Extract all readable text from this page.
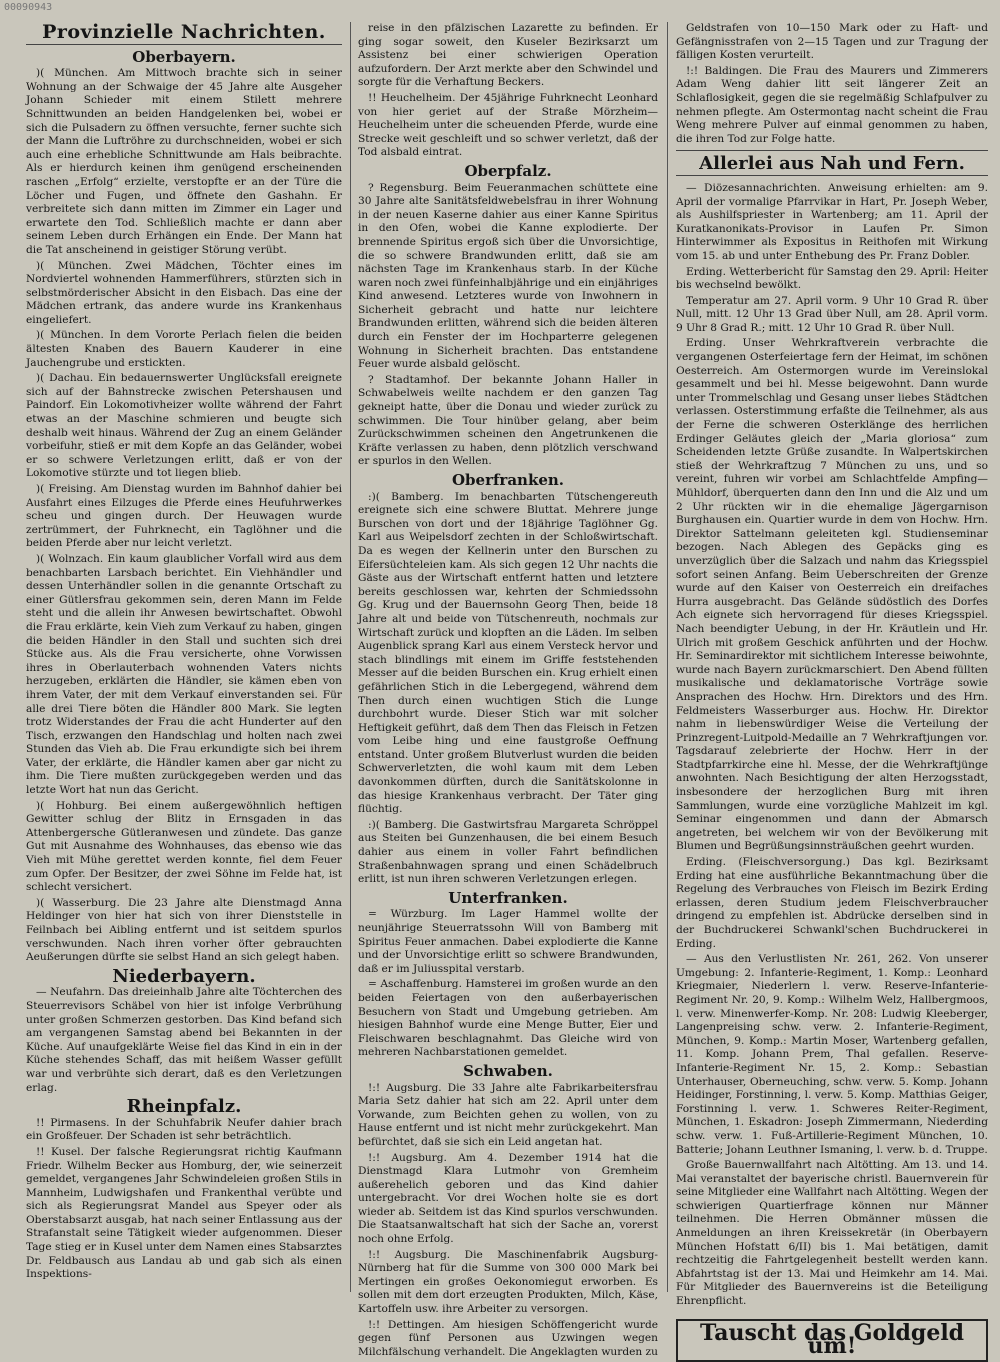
00090943
Provinzielle Nachrichten.
Oberbayern.

)( München. Am Mittwoch brachte sich in seiner Wohnung an der Schwaige der 45 Jahre alte Ausgeher Johann Schieder mit einem Stilett mehrere Schnittwunden an beiden Handgelenken bei, wobei er sich die Pulsadern zu öffnen versuchte, ferner suchte sich der Mann die Luftröhre zu durchschneiden, wobei er sich auch eine erhebliche Schnittwunde am Hals beibrachte. Als er hierdurch keinen ihm genügend erscheinenden raschen „Erfolg“ erzielte, verstopfte er an der Türe die Löcher und Fugen, und öffnete den Gashahn. Er verbreitete sich dann mitten im Zimmer ein Lager und erwartete den Tod. Schließlich machte er dann aber seinem Leben durch Erhängen ein Ende. Der Mann hat die Tat anscheinend in geistiger Störung verübt.

)( München. Zwei Mädchen, Töchter eines im Nordviertel wohnenden Hammerführers, stürzten sich in selbstmörderischer Absicht in den Eisbach. Das eine der Mädchen ertrank, das andere wurde ins Krankenhaus eingeliefert.

)( München. In dem Vororte Perlach fielen die beiden ältesten Knaben des Bauern Kauderer in eine Jauchengrube und erstickten.

)( Dachau. Ein bedauernswerter Unglücksfall ereignete sich auf der Bahnstrecke zwischen Petershausen und Paindorf. Ein Lokomotivheizer wollte während der Fahrt etwas an der Maschine schmieren und beugte sich deshalb weit hinaus. Während der Zug an einem Geländer vorbeifuhr, stieß er mit dem Kopfe an das Geländer, wobei er so schwere Verletzungen erlitt, daß er von der Lokomotive stürzte und tot liegen blieb.

)( Freising. Am Dienstag wurden im Bahnhof dahier bei Ausfahrt eines Eilzuges die Pferde eines Heufuhrwerkes scheu und gingen durch. Der Heuwagen wurde zertrümmert, der Fuhrknecht, ein Taglöhner und die beiden Pferde aber nur leicht verletzt.

)( Wolnzach. Ein kaum glaublicher Vorfall wird aus dem benachbarten Larsbach berichtet. Ein Viehhändler und dessen Unterhändler sollen in die genannte Ortschaft zu einer Gütlersfrau gekommen sein, deren Mann im Felde steht und die allein ihr Anwesen bewirtschaftet. Obwohl die Frau erklärte, kein Vieh zum Verkauf zu haben, gingen die beiden Händler in den Stall und suchten sich drei Stücke aus. Als die Frau versicherte, ohne Vorwissen ihres in Oberlauterbach wohnenden Vaters nichts herzugeben, erklärten die Händler, sie kämen eben von ihrem Vater, der mit dem Verkauf einverstanden sei. Für alle drei Tiere böten die Händler 800 Mark. Sie legten trotz Widerstandes der Frau die acht Hunderter auf den Tisch, erzwangen den Handschlag und holten nach zwei Stunden das Vieh ab. Die Frau erkundigte sich bei ihrem Vater, der erklärte, die Händler kamen aber gar nicht zu ihm. Die Tiere mußten zurückgegeben werden und das letzte Wort hat nun das Gericht.

)( Hohburg. Bei einem außergewöhnlich heftigen Gewitter schlug der Blitz in Ernsgaden in das Attenbergersche Gütleranwesen und zündete. Das ganze Gut mit Ausnahme des Wohnhauses, das ebenso wie das Vieh mit Mühe gerettet werden konnte, fiel dem Feuer zum Opfer. Der Besitzer, der zwei Söhne im Felde hat, ist schlecht versichert.

)( Wasserburg. Die 23 Jahre alte Dienstmagd Anna Heldinger von hier hat sich von ihrer Dienststelle in Feilnbach bei Aibling entfernt und ist seitdem spurlos verschwunden. Nach ihren vorher öfter gebrauchten Aeußerungen dürfte sie selbst Hand an sich gelegt haben.

Niederbayern.

— Neufahrn. Das dreieinhalb Jahre alte Töchterchen des Steuerrevisors Schäbel von hier ist infolge Verbrühung unter großen Schmerzen gestorben. Das Kind befand sich am vergangenen Samstag abend bei Bekannten in der Küche. Auf unaufgeklärte Weise fiel das Kind in ein in der Küche stehendes Schaff, das mit heißem Wasser gefüllt war und verbrühte sich derart, daß es den Verletzungen erlag.

Rheinpfalz.

!! Pirmasens. In der Schuhfabrik Neufer dahier brach ein Großfeuer. Der Schaden ist sehr beträchtlich.

!! Kusel. Der falsche Regierungsrat richtig Kaufmann Friedr. Wilhelm Becker aus Homburg, der, wie seinerzeit gemeldet, vergangenes Jahr Schwindeleien großen Stils in Mannheim, Ludwigshafen und Frankenthal verübte und sich als Regierungsrat Mandel aus Speyer oder als Oberstabsarzt ausgab, hat nach seiner Entlassung aus der Strafanstalt seine Tätigkeit wieder aufgenommen. Dieser Tage stieg er in Kusel unter dem Namen eines Stabsarztes Dr. Feldbausch aus Landau ab und gab sich als einen Inspektions-

reise in den pfälzischen Lazarette zu befinden. Er ging sogar soweit, den Kuseler Bezirksarzt um Assistenz bei einer schwierigen Operation aufzufordern. Der Arzt merkte aber den Schwindel und sorgte für die Verhaftung Beckers.

!! Heuchelheim. Der 45jährige Fuhrknecht Leonhard von hier geriet auf der Straße Mörzheim—Heuchelheim unter die scheuenden Pferde, wurde eine Strecke weit geschleift und so schwer verletzt, daß der Tod alsbald eintrat.

Oberpfalz.

? Regensburg. Beim Feueranmachen schüttete eine 30 Jahre alte Sanitätsfeldwebelsfrau in ihrer Wohnung in der neuen Kaserne dahier aus einer Kanne Spiritus in den Ofen, wobei die Kanne explodierte. Der brennende Spiritus ergoß sich über die Unvorsichtige, die so schwere Brandwunden erlitt, daß sie am nächsten Tage im Krankenhaus starb. In der Küche waren noch zwei fünfeinhalbjährige und ein einjähriges Kind anwesend. Letzteres wurde von Inwohnern in Sicherheit gebracht und hatte nur leichtere Brandwunden erlitten, während sich die beiden älteren durch ein Fenster der im Hochparterre gelegenen Wohnung in Sicherheit brachten. Das entstandene Feuer wurde alsbald gelöscht.

? Stadtamhof. Der bekannte Johann Haller in Schwabelweis weilte nachdem er den ganzen Tag gekneipt hatte, über die Donau und wieder zurück zu schwimmen. Die Tour hinüber gelang, aber beim Zurückschwimmen scheinen den Angetrunkenen die Kräfte verlassen zu haben, denn plötzlich verschwand er spurlos in den Wellen.

Oberfranken.

:)( Bamberg. Im benachbarten Tütschengereuth ereignete sich eine schwere Bluttat. Mehrere junge Burschen von dort und der 18jährige Taglöhner Gg. Karl aus Weipelsdorf zechten in der Schloßwirtschaft. Da es wegen der Kellnerin unter den Burschen zu Eifersüchteleien kam. Als sich gegen 12 Uhr nachts die Gäste aus der Wirtschaft entfernt hatten und letztere bereits geschlossen war, kehrten der Schmiedssohn Gg. Krug und der Bauernsohn Georg Then, beide 18 Jahre alt und beide von Tütschenreuth, nochmals zur Wirtschaft zurück und klopften an die Läden. Im selben Augenblick sprang Karl aus einem Versteck hervor und stach blindlings mit einem im Griffe feststehenden Messer auf die beiden Burschen ein. Krug erhielt einen gefährlichen Stich in die Lebergegend, während dem Then durch einen wuchtigen Stich die Lunge durchbohrt wurde. Dieser Stich war mit solcher Heftigkeit geführt, daß dem Then das Fleisch in Fetzen vom Leibe hing und eine faustgroße Oeffnung entstand. Unter großem Blutverlust wurden die beiden Schwerverletzten, die wohl kaum mit dem Leben davonkommen dürften, durch die Sanitätskolonne in das hiesige Krankenhaus verbracht. Der Täter ging flüchtig.

:)( Bamberg. Die Gastwirtsfrau Margareta Schröppel aus Steiten bei Gunzenhausen, die bei einem Besuch dahier aus einem in voller Fahrt befindlichen Straßenbahnwagen sprang und einen Schädelbruch erlitt, ist nun ihren schweren Verletzungen erlegen.

Unterfranken.

= Würzburg. Im Lager Hammel wollte der neunjährige Steuerratssohn Will von Bamberg mit Spiritus Feuer anmachen. Dabei explodierte die Kanne und der Unvorsichtige erlitt so schwere Brandwunden, daß er im Juliusspital verstarb.

= Aschaffenburg. Hamsterei im großen wurde an den beiden Feiertagen von den außerbayerischen Besuchern von Stadt und Umgebung getrieben. Am hiesigen Bahnhof wurde eine Menge Butter, Eier und Fleischwaren beschlagnahmt. Das Gleiche wird von mehreren Nachbarstationen gemeldet.

Schwaben.

!:! Augsburg. Die 33 Jahre alte Fabrikarbeitersfrau Maria Setz dahier hat sich am 22. April unter dem Vorwande, zum Beichten gehen zu wollen, von zu Hause entfernt und ist nicht mehr zurückgekehrt. Man befürchtet, daß sie sich ein Leid angetan hat.

!:! Augsburg. Am 4. Dezember 1914 hat die Dienstmagd Klara Lutmohr von Gremheim außerehelich geboren und das Kind dahier untergebracht. Vor drei Wochen holte sie es dort wieder ab. Seitdem ist das Kind spurlos verschwunden. Die Staatsanwaltschaft hat sich der Sache an, vorerst noch ohne Erfolg.

!:! Augsburg. Die Maschinenfabrik Augsburg-Nürnberg hat für die Summe von 300 000 Mark bei Mertingen ein großes Oekonomiegut erworben. Es sollen mit dem dort erzeugten Produkten, Milch, Käse, Kartoffeln usw. ihre Arbeiter zu versorgen.

!:! Dettingen. Am hiesigen Schöffengericht wurde gegen fünf Personen aus Uzwingen wegen Milchfälschung verhandelt. Die Angeklagten wurden zu

Geldstrafen von 10—150 Mark oder zu Haft- und Gefängnisstrafen von 2—15 Tagen und zur Tragung der fälligen Kosten verurteilt.

!:! Baldingen. Die Frau des Maurers und Zimmerers Adam Weng dahier litt seit längerer Zeit an Schlaflosigkeit, gegen die sie regelmäßig Schlafpulver zu nehmen pflegte. Am Ostermontag nacht scheint die Frau Weng mehrere Pulver auf einmal genommen zu haben, die ihren Tod zur Folge hatte.

Allerlei aus Nah und Fern.

— Diözesannachrichten. Anweisung erhielten: am 9. April der vormalige Pfarrvikar in Hart, Pr. Joseph Weber, als Aushilfspriester in Wartenberg; am 11. April der Kuratkanonikats-Provisor in Laufen Pr. Simon Hinterwimmer als Expositus in Reithofen mit Wirkung vom 15. ab und unter Enthebung des Pr. Franz Dobler.

Erding. Wetterbericht für Samstag den 29. April: Heiter bis wechselnd bewölkt.

Temperatur am 27. April vorm. 9 Uhr 10 Grad R. über Null, mitt. 12 Uhr 13 Grad über Null, am 28. April vorm. 9 Uhr 8 Grad R.; mitt. 12 Uhr 10 Grad R. über Null.

Erding. Unser Wehrkraftverein verbrachte die vergangenen Osterfeiertage fern der Heimat, im schönen Oesterreich. Am Ostermorgen wurde im Vereinslokal gesammelt und bei hl. Messe beigewohnt. Dann wurde unter Trommelschlag und Gesang unser liebes Städtchen verlassen. Osterstimmung erfaßte die Teilnehmer, als aus der Ferne die schweren Osterklänge des herrlichen Erdinger Geläutes gleich der „Maria gloriosa“ zum Scheidenden letzte Grüße zusandte. In Walpertskirchen stieß der Wehrkraftzug 7 München zu uns, und so vereint, fuhren wir vorbei am Schlachtfelde Ampfing—Mühldorf, überquerten dann den Inn und die Alz und um 2 Uhr rückten wir in die ehemalige Jägergarnison Burghausen ein. Quartier wurde in dem von Hochw. Hrn. Direktor Sattelmann geleiteten kgl. Studienseminar bezogen. Nach Ablegen des Gepäcks ging es unverzüglich über die Salzach und nahm das Kriegsspiel sofort seinen Anfang. Beim Ueberschreiten der Grenze wurde auf den Kaiser von Oesterreich ein dreifaches Hurra ausgebracht. Das Gelände südöstlich des Dorfes Ach eignete sich hervorragend für dieses Kriegsspiel. Nach beendigter Uebung, in der Hr. Kräutlein und Hr. Ulrich mit großem Geschick anführten und der Hochw. Hr. Seminardirektor mit sichtlichem Interesse beiwohnte, wurde nach Bayern zurückmarschiert. Den Abend füllten musikalische und deklamatorische Vorträge sowie Ansprachen des Hochw. Hrn. Direktors und des Hrn. Feldmeisters Wasserburger aus. Hochw. Hr. Direktor nahm in liebenswürdiger Weise die Verteilung der Prinzregent-Luitpold-Medaille an 7 Wehrkraftjungen vor. Tagsdarauf zelebrierte der Hochw. Herr in der Stadtpfarrkirche eine hl. Messe, der die Wehrkraftjünge anwohnten. Nach Besichtigung der alten Herzogsstadt, insbesondere der herzoglichen Burg mit ihren Sammlungen, wurde eine vorzügliche Mahlzeit im kgl. Seminar eingenommen und dann der Abmarsch angetreten, bei welchem wir von der Bevölkerung mit Blumen und Begrüßungsinnsträußchen geehrt wurden.

Erding. (Fleischversorgung.) Das kgl. Bezirksamt Erding hat eine ausführliche Bekanntmachung über die Regelung des Verbrauches von Fleisch im Bezirk Erding erlassen, deren Studium jedem Fleischverbraucher dringend zu empfehlen ist. Abdrücke derselben sind in der Buchdruckerei Schwankl'schen Buchdruckerei in Erding.

— Aus den Verlustlisten Nr. 261, 262. Von unserer Umgebung: 2. Infanterie-Regiment, 1. Komp.: Leonhard Kriegmaier, Niederlern l. verw. Reserve-Infanterie-Regiment Nr. 20, 9. Komp.: Wilhelm Welz, Hallbergmoos, l. verw. Minenwerfer-Komp. Nr. 208: Ludwig Kleeberger, Langenpreising schw. verw. 2. Infanterie-Regiment, München, 9. Komp.: Martin Moser, Wartenberg gefallen, 11. Komp. Johann Prem, Thal gefallen. Reserve-Infanterie-Regiment Nr. 15, 2. Komp.: Sebastian Unterhauser, Oberneuching, schw. verw. 5. Komp. Johann Heidinger, Forstinning, l. verw. 5. Komp. Matthias Geiger, Forstinning l. verw. 1. Schweres Reiter-Regiment, München, 1. Eskadron: Joseph Zimmermann, Niederding schw. verw. 1. Fuß-Artillerie-Regiment München, 10. Batterie; Johann Leuthner Ismaning, l. verw. b. d. Truppe.

Große Bauernwallfahrt nach Altötting. Am 13. und 14. Mai veranstaltet der bayerische christl. Bauernverein für seine Mitglieder eine Wallfahrt nach Altötting. Wegen der schwierigen Quartierfrage können nur Männer teilnehmen. Die Herren Obmänner müssen die Anmeldungen an ihren Kreissekretär (in Oberbayern München Hofstatt 6/II) bis 1. Mai betätigen, damit rechtzeitig die Fahrtgelegenheit bestellt werden kann. Abfahrtstag ist der 13. Mai und Heimkehr am 14. Mai. Für Mitglieder des Bauernvereins ist die Beteiligung Ehrenpflicht.

Tauscht das Goldgeld um!
